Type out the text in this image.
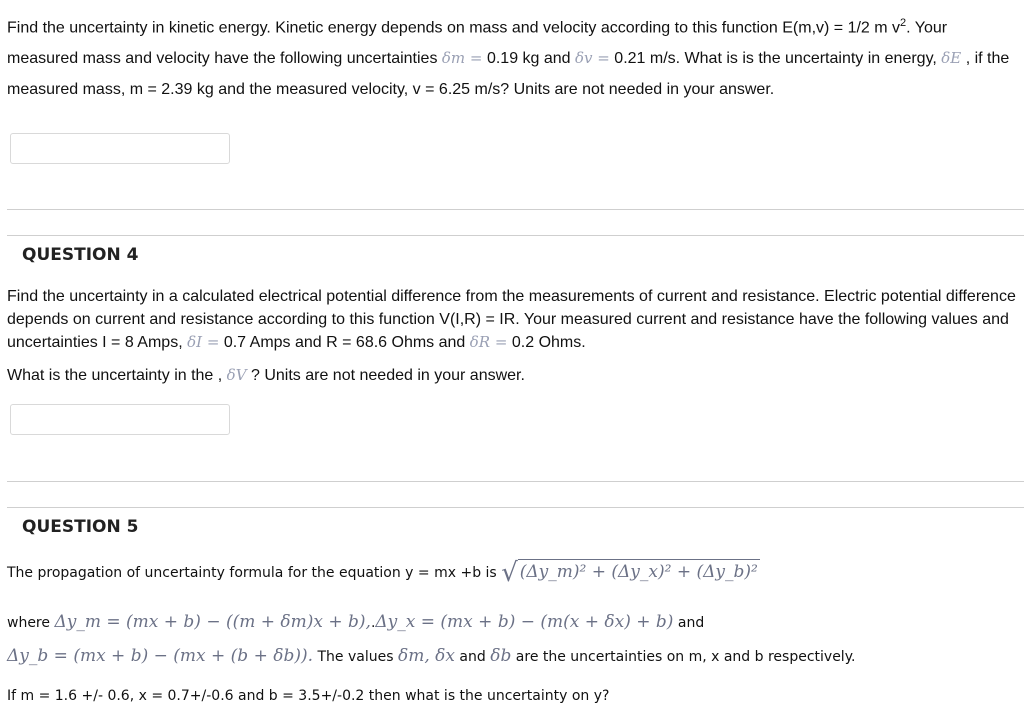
Find the uncertainty in kinetic energy. Kinetic energy depends on mass and velocity according to this function E(m,v) = 1/2 m $v^2$. Your measured mass and velocity have the following uncertainties δm = 0.19 kg and δv = 0.21 m/s. What is is the uncertainty in energy, δE , if the measured mass, m = 2.39 kg and the measured velocity, v = 6.25 m/s? Units are not needed in your answer.
QUESTION 4
Find the uncertainty in a calculated electrical potential difference from the measurements of current and resistance. Electric potential difference depends on current and resistance according to this function V(I,R) = IR. Your measured current and resistance have the following values and uncertainties I = 8 Amps, δI = 0.7 Amps and R = 68.6 Ohms and δR = 0.2 Ohms.
What is the uncertainty in the , δV ? Units are not needed in your answer.
QUESTION 5
The propagation of uncertainty formula for the equation y = mx +b is √ (Δy_m)² + (Δy_x)² + (Δy_b)²
where Δy_m = (mx + b) − ((m + δm)x + b),.Δy_x = (mx + b) − (m(x + δx) + b) and
Δy_b = (mx + b) − (mx + (b + δb)). The values δm, δx and δb are the uncertainties on m, x and b respectively.
If m = 1.6 +/- 0.6, x = 0.7+/-0.6 and b = 3.5+/-0.2 then what is the uncertainty on y?
